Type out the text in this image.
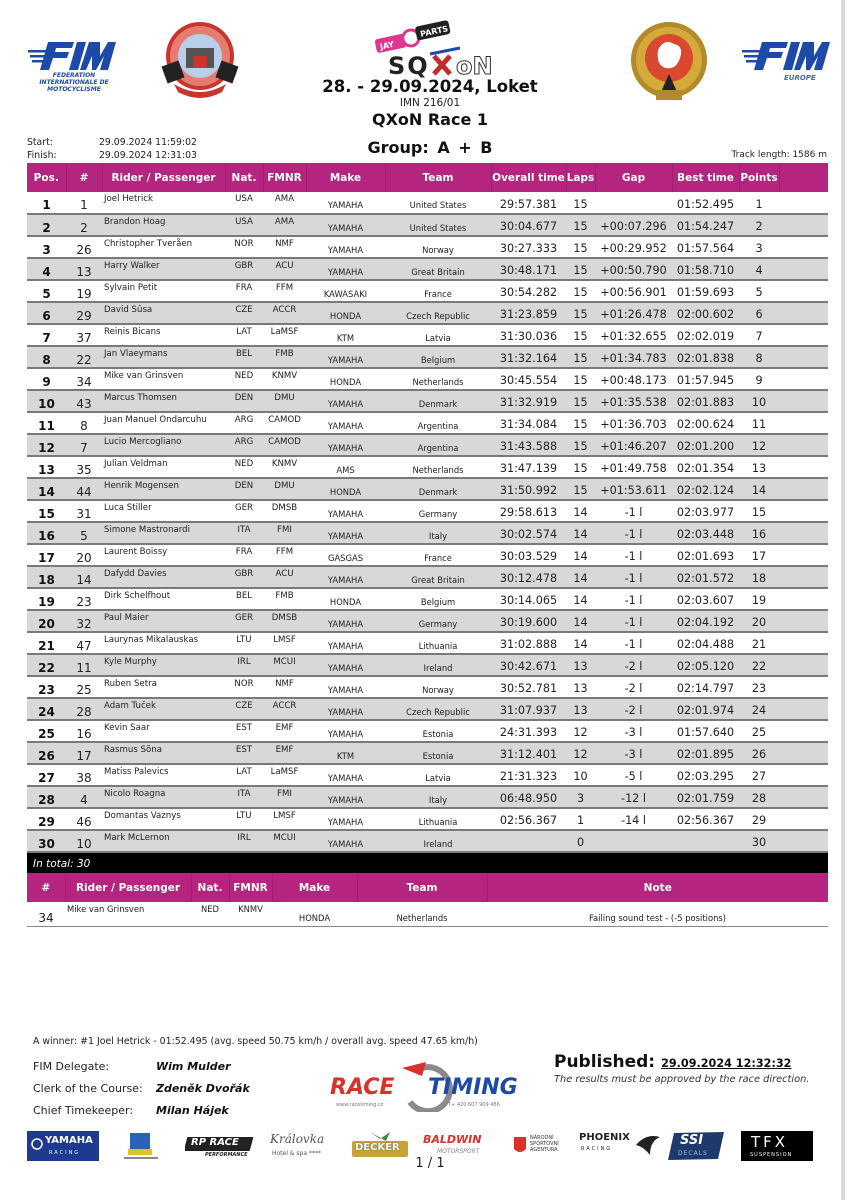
FEDERATION INTERNATIONALE DE MOTOCYCLISME
JAY
PARTS
SQ oN	EUROPE
28. - 29.09.2024, Loket
IMN 216/01
QXoN Race 1
Group: A + B
Start:	29.09.2024 11:59:02
Finish:	29.09.2024 12:31:03	Track length: 1586 m
Pos.	#	Rider / Passenger	Nat.	FMNR	Make	Team	Overall time	Laps	Gap	Best time	Points	
1	1	Joel Hetrick	USA	AMA	YAMAHA	United States	29:57.381	15		01:52.495	1	
2	2	Brandon Hoag	USA	AMA	YAMAHA	United States	30:04.677	15	+00:07.296	01:54.247	2	
3	26	Christopher Tveråen	NOR	NMF	YAMAHA	Norway	30:27.333	15	+00:29.952	01:57.564	3	
4	13	Harry Walker	GBR	ACU	YAMAHA	Great Britain	30:48.171	15	+00:50.790	01:58.710	4	
5	19	Sylvain Petit	FRA	FFM	KAWASAKI	France	30:54.282	15	+00:56.901	01:59.693	5	
6	29	David Sûsa	CZE	ACCR	HONDA	Czech Republic	31:23.859	15	+01:26.478	02:00.602	6	
7	37	Reinis Bicans	LAT	LaMSF	KTM	Latvia	31:30.036	15	+01:32.655	02:02.019	7	
8	22	Jan Vlaeymans	BEL	FMB	YAMAHA	Belgium	31:32.164	15	+01:34.783	02:01.838	8	
9	34	Mike van Grinsven	NED	KNMV	HONDA	Netherlands	30:45.554	15	+00:48.173	01:57.945	9	
10	43	Marcus Thomsen	DEN	DMU	YAMAHA	Denmark	31:32.919	15	+01:35.538	02:01.883	10	
11	8	Juan Manuel Ondarcuhu	ARG	CAMOD	YAMAHA	Argentina	31:34.084	15	+01:36.703	02:00.624	11	
12	7	Lucio Mercogliano	ARG	CAMOD	YAMAHA	Argentina	31:43.588	15	+01:46.207	02:01.200	12	
13	35	Julian Veldman	NED	KNMV	AMS	Netherlands	31:47.139	15	+01:49.758	02:01.354	13	
14	44	Henrik Mogensen	DEN	DMU	HONDA	Denmark	31:50.992	15	+01:53.611	02:02.124	14	
15	31	Luca Stiller	GER	DMSB	YAMAHA	Germany	29:58.613	14	-1 l	02:03.977	15	
16	5	Simone Mastronardi	ITA	FMI	YAMAHA	Italy	30:02.574	14	-1 l	02:03.448	16	
17	20	Laurent Boissy	FRA	FFM	GASGAS	France	30:03.529	14	-1 l	02:01.693	17	
18	14	Dafydd Davies	GBR	ACU	YAMAHA	Great Britain	30:12.478	14	-1 l	02:01.572	18	
19	23	Dirk Schelfhout	BEL	FMB	HONDA	Belgium	30:14.065	14	-1 l	02:03.607	19	
20	32	Paul Maier	GER	DMSB	YAMAHA	Germany	30:19.600	14	-1 l	02:04.192	20	
21	47	Laurynas Mikalauskas	LTU	LMSF	YAMAHA	Lithuania	31:02.888	14	-1 l	02:04.488	21	
22	11	Kyle Murphy	IRL	MCUI	YAMAHA	Ireland	30:42.671	13	-2 l	02:05.120	22	
23	25	Ruben Setra	NOR	NMF	YAMAHA	Norway	30:52.781	13	-2 l	02:14.797	23	
24	28	Adam Tuček	CZE	ACCR	YAMAHA	Czech Republic	31:07.937	13	-2 l	02:01.974	24	
25	16	Kevin Saar	EST	EMF	YAMAHA	Estonia	24:31.393	12	-3 l	01:57.640	25	
26	17	Rasmus Sõna	EST	EMF	KTM	Estonia	31:12.401	12	-3 l	02:01.895	26	
27	38	Matiss Palevics	LAT	LaMSF	YAMAHA	Latvia	21:31.323	10	-5 l	02:03.295	27	
28	4	Nicolo Roagna	ITA	FMI	YAMAHA	Italy	06:48.950	3	-12 l	02:01.759	28	
29	46	Domantas Vaznys	LTU	LMSF	YAMAHA	Lithuania	02:56.367	1	-14 l	02:56.367	29	
30	10	Mark McLernon	IRL	MCUI	YAMAHA	Ireland		0			30	
In total: 30												
#	Rider / Passenger	Nat.	FMNR	Make	Team	Note
34	Mike van Grinsven	NED	KNMV	HONDA	Netherlands	Failing sound test - (-5 positions)

In total: 1						
A winner: #1 Joel Hetrick - 01:52.495 (avg. speed 50.75 km/h / overall avg. speed 47.65 km/h)
FIM Delegate:	Wim Mulder
Clerk of the Course:	Zdeněk Dvořák
Chief Timekeeper:	Milan Hájek
RACE TIMING
www.racetiming.cz	T+ 420 607 909 486
Published: 29.09.2024 12:32:32
The results must be approved by the race direction.
YAMAHA
RACING
RP RACE
PERFORMANCE
Královka
Hotel & spa ****
DECKER
BALDWIN
MOTORSPORT
NÁRODNÍ SPORTOVNÍ AGENTURA
PHOENIX
RACING
SSI
DECALS
TFX
SUSPENSION
1 / 1
